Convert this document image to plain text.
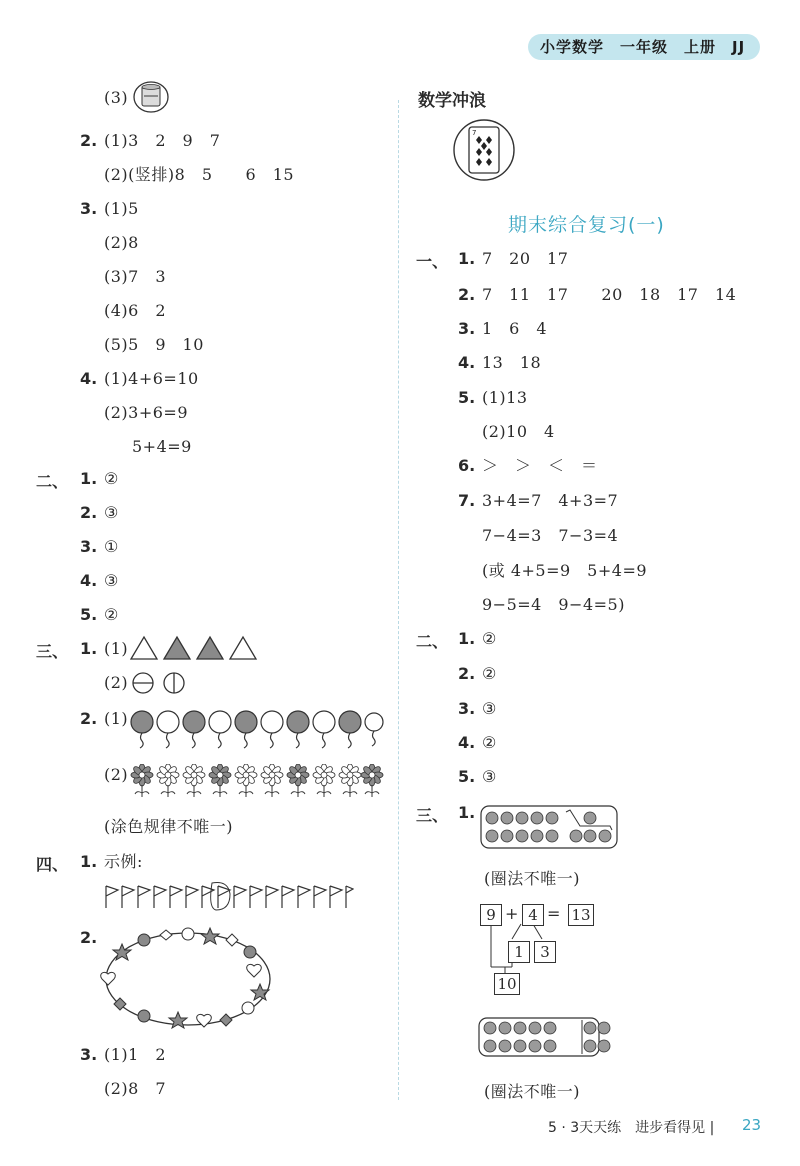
小学数学　一年级　上册　JJ
(3)
2. (1)3　2　9　7
(2)(竖排)8　5　　6　15
3. (1)5
(2)8
(3)7　3
(4)6　2
(5)5　9　10
4. (1)4+6=10
(2)3+6=9
5+4=9
二、 1. ②
2. ③
3. ①
4. ③
5. ②
三、 1. (1)
(2)
2. (1)
(2)
(涂色规律不唯一)
四、 1. 示例:
2.
3. (1)1　2
(2)8　7
数学冲浪
7
期末综合复习(一)
一、 1. 7　20　17
2. 7　11　17　　20　18　17　14
3. 1　6　4
4. 13　18
5. (1)13
(2)10　4
6. ＞　＞　＜　＝
7. 3+4=7　4+3=7
7−4=3　7−3=4
(或 4+5=9　5+4=9
9−5=4　9−4=5)
二、 1. ②
2. ②
3. ③
4. ②
5. ③
三、 1.
(圈法不唯一)
9 + 4 = 13
1	3
10
(圈法不唯一)
5 · 3天天练　进步看得见 | 23
